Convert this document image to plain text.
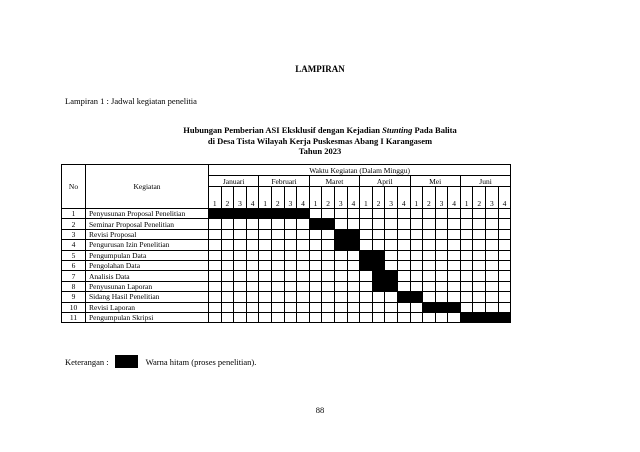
LAMPIRAN
Lampiran 1 : Jadwal kegiatan penelitia
Hubungan Pemberian ASI Eksklusif dengan Kejadian Stunting Pada Balita
di Desa Tista Wilayah Kerja Puskesmas Abang I Karangasem
Tahun 2023
No	Kegiatan	Waktu Kegiatan (Dalam Minggu)																							
		Januari				Februari				Maret				April				Mei				Juni			
		1	2	3	4	1	2	3	4	1	2	3	4	1	2	3	4	1	2	3	4	1	2	3	4
1	Penyusunan Proposal Penelitian																								
2	Seminar Proposal Penelitian																								
3	Revisi Proposal																								
4	Pengurusan Izin Penelitian																								
5	Pengumpulan Data																								
6	Pengolahan Data																								
7	Analisis Data																								
8	Penyusunan Laporan																								
9	Sidang Hasil Penelitian																								
10	Revisi Laporan																								
11	Pengumpulan Skripsi																								
Keterangan :	Warna hitam (proses penelitian).
88
